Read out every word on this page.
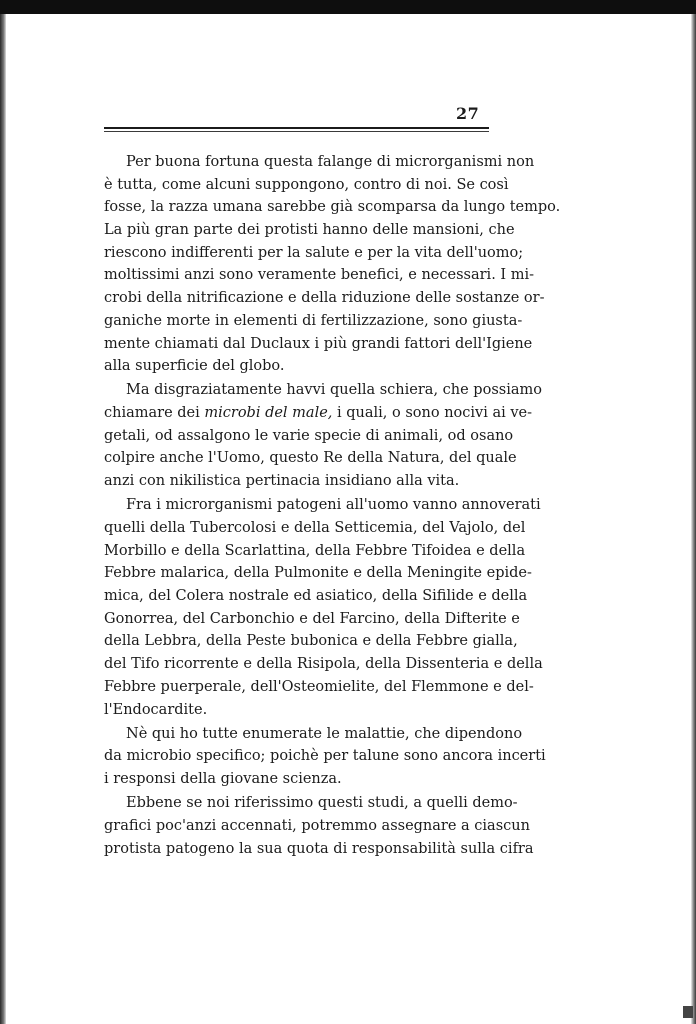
27
Per buona fortuna questa falange di microrganismi non
è tutta, come alcuni suppongono, contro di noi. Se così
fosse, la razza umana sarebbe già scomparsa da lungo tempo.
La più gran parte dei protisti hanno delle mansioni, che
riescono indifferenti per la salute e per la vita dell'uomo;
moltissimi anzi sono veramente benefici, e necessari. I mi-
crobi della nitrificazione e della riduzione delle sostanze or-
ganiche morte in elementi di fertilizzazione, sono giusta-
mente chiamati dal Duclaux i più grandi fattori dell'Igiene
alla superficie del globo.
Ma disgraziatamente havvi quella schiera, che possiamo
chiamare dei microbi del male, i quali, o sono nocivi ai ve-
getali, od assalgono le varie specie di animali, od osano
colpire anche l'Uomo, questo Re della Natura, del quale
anzi con nikilistica pertinacia insidiano alla vita.
Fra i microrganismi patogeni all'uomo vanno annoverati
quelli della Tubercolosi e della Setticemia, del Vajolo, del
Morbillo e della Scarlattina, della Febbre Tifoidea e della
Febbre malarica, della Pulmonite e della Meningite epide-
mica, del Colera nostrale ed asiatico, della Sifilide e della
Gonorrea, del Carbonchio e del Farcino, della Difterite e
della Lebbra, della Peste bubonica e della Febbre gialla,
del Tifo ricorrente e della Risipola, della Dissenteria e della
Febbre puerperale, dell'Osteomielite, del Flemmone e del-
l'Endocardite.
Nè qui ho tutte enumerate le malattie, che dipendono
da microbio specifico; poichè per talune sono ancora incerti
i responsi della giovane scienza.
Ebbene se noi riferissimo questi studi, a quelli demo-
grafici poc'anzi accennati, potremmo assegnare a ciascun
protista patogeno la sua quota di responsabilità sulla cifra
